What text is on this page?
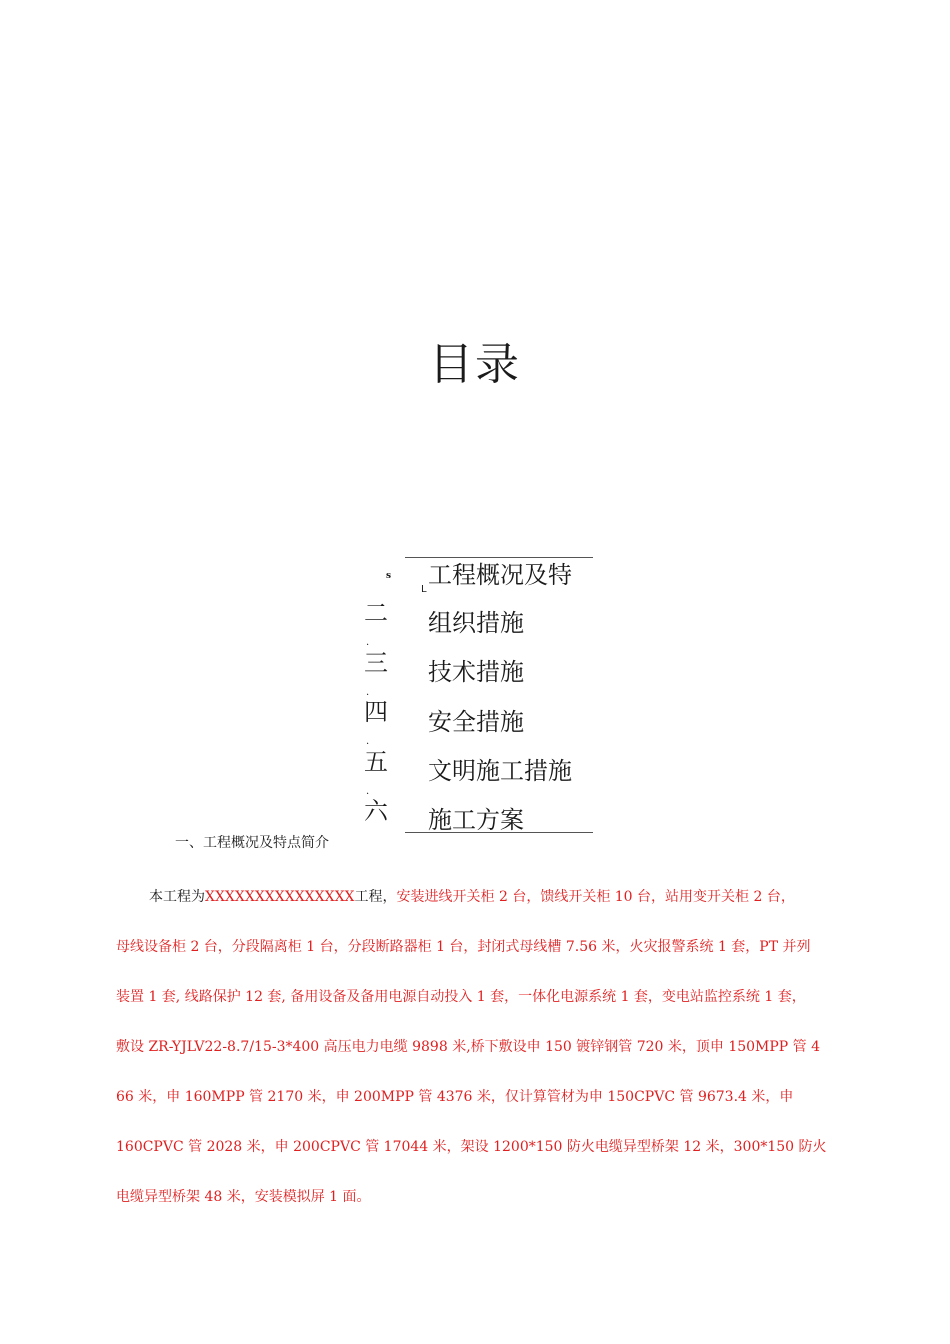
目录
s
L
工程概况及特
二
.
组织措施
三
.
技术措施
四
.
安全措施
五
.
文明施工措施
六 施工方案
一、工程概况及特点简介
本工程为XXXXXXXXXXXXXXX工程，安装进线开关柜 2 台，馈线开关柜 10 台，站用变开关柜 2 台，
母线设备柜 2 台，分段隔离柜 1 台，分段断路器柜 1 台，封闭式母线槽 7.56 米，火灾报警系统 1 套，PT 并列
装置 1 套, 线路保护 12 套, 备用设备及备用电源自动投入 1 套，一体化电源系统 1 套，变电站监控系统 1 套，
敷设 ZR-YJLV22-8.7/15-3*400 高压电力电缆 9898 米,桥下敷设申 150 镀锌钢管 720 米，顶申 150MPP 管 4
66 米，申 160MPP 管 2170 米，申 200MPP 管 4376 米，仅计算管材为申 150CPVC 管 9673.4 米，申
160CPVC 管 2028 米，申 200CPVC 管 17044 米，架设 1200*150 防火电缆异型桥架 12 米，300*150 防火
电缆异型桥架 48 米，安装模拟屏 1 面。
